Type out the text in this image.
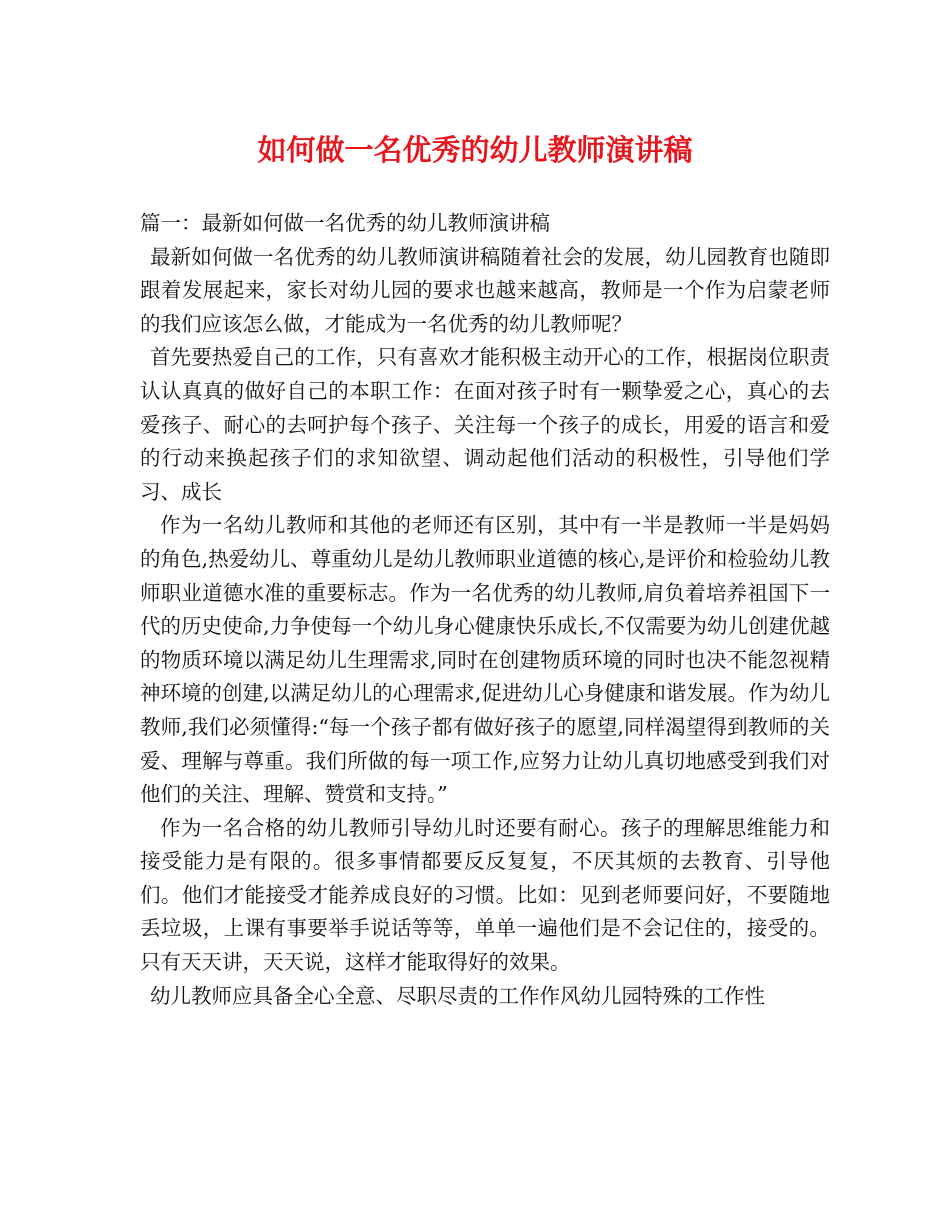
如何做一名优秀的幼儿教师演讲稿

篇一：最新如何做一名优秀的幼儿教师演讲稿

最新如何做一名优秀的幼儿教师演讲稿随着社会的发展，幼儿园教育也随即跟着发展起来，家长对幼儿园的要求也越来越高，教师是一个作为启蒙老师的我们应该怎么做，才能成为一名优秀的幼儿教师呢？

首先要热爱自己的工作，只有喜欢才能积极主动开心的工作，根据岗位职责认认真真的做好自己的本职工作：在面对孩子时有一颗挚爱之心，真心的去爱孩子、耐心的去呵护每个孩子、关注每一个孩子的成长，用爱的语言和爱的行动来换起孩子们的求知欲望、调动起他们活动的积极性，引导他们学习、成长

作为一名幼儿教师和其他的老师还有区别，其中有一半是教师一半是妈妈的角色,热爱幼儿、尊重幼儿是幼儿教师职业道德的核心,是评价和检验幼儿教师职业道德水准的重要标志。作为一名优秀的幼儿教师,肩负着培养祖国下一代的历史使命,力争使每一个幼儿身心健康快乐成长,不仅需要为幼儿创建优越的物质环境以满足幼儿生理需求,同时在创建物质环境的同时也决不能忽视精神环境的创建,以满足幼儿的心理需求,促进幼儿心身健康和谐发展。作为幼儿教师,我们必须懂得:“每一个孩子都有做好孩子的愿望,同样渴望得到教师的关爱、理解与尊重。我们所做的每一项工作,应努力让幼儿真切地感受到我们对他们的关注、理解、赞赏和支持。”

作为一名合格的幼儿教师引导幼儿时还要有耐心。孩子的理解思维能力和接受能力是有限的。很多事情都要反反复复，不厌其烦的去教育、引导他们。他们才能接受才能养成良好的习惯。比如：见到老师要问好，不要随地丢垃圾，上课有事要举手说话等等，单单一遍他们是不会记住的，接受的。只有天天讲，天天说，这样才能取得好的效果。

幼儿教师应具备全心全意、尽职尽责的工作作风幼儿园特殊的工作性
